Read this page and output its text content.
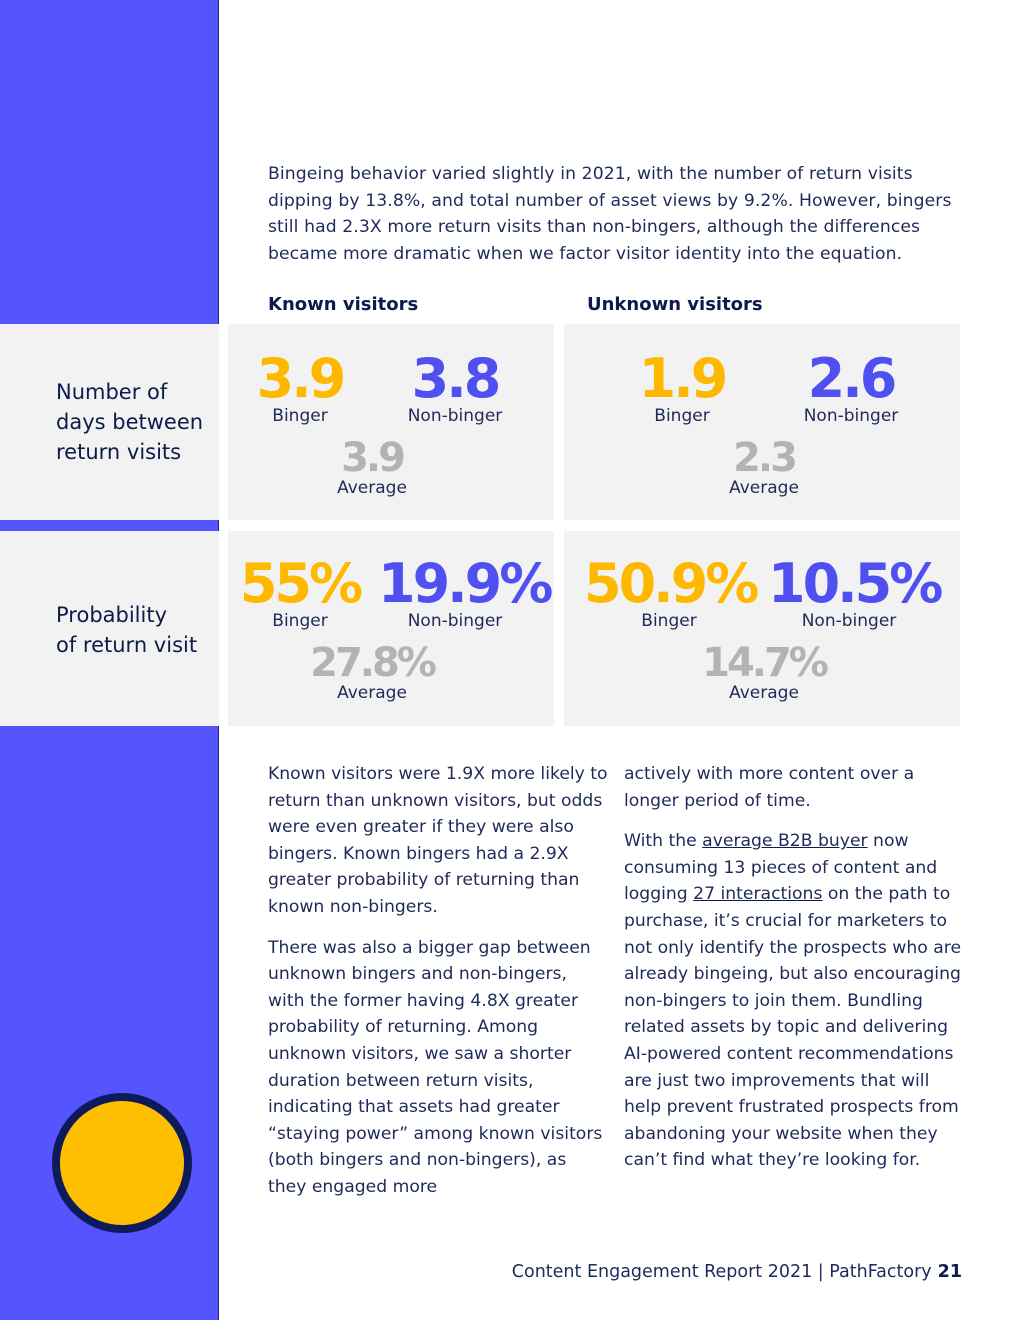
Bingeing behavior varied slightly in 2021, with the number of return visits dipping by 13.8%, and total number of asset views by 9.2%. However, bingers still had 2.3X more return visits than non-bingers, although the differences became more dramatic when we factor visitor identity into the equation.

Known visitors	Unknown visitors
Number of
days between
return visits
Probability
of return visit
3.9
Binger
3.8
Non-binger
3.9
Average
1.9
Binger
2.6
Non-binger
2.3
Average
55%
Binger
19.9%
Non-binger
27.8%
Average
50.9%
Binger
10.5%
Non-binger
14.7%
Average

Known visitors were 1.9X more likely to return than unknown visitors, but odds were even greater if they were also bingers. Known bingers had a 2.9X greater probability of returning than known non-bingers.

There was also a bigger gap between unknown bingers and non-bingers, with the former having 4.8X greater probability of returning. Among unknown visitors, we saw a shorter duration between return visits, indicating that assets had greater “staying power” among known visitors (both bingers and non-bingers), as they engaged more

actively with more content over a longer period of time.

With the average B2B buyer now consuming 13 pieces of content and logging 27 interactions on the path to purchase, it’s crucial for marketers to not only identify the prospects who are already bingeing, but also encouraging non-bingers to join them. Bundling related assets by topic and delivering AI-powered content recommendations are just two improvements that will help prevent frustrated prospects from abandoning your website when they can’t find what they’re looking for.

Content Engagement Report 2021 | PathFactory 21
